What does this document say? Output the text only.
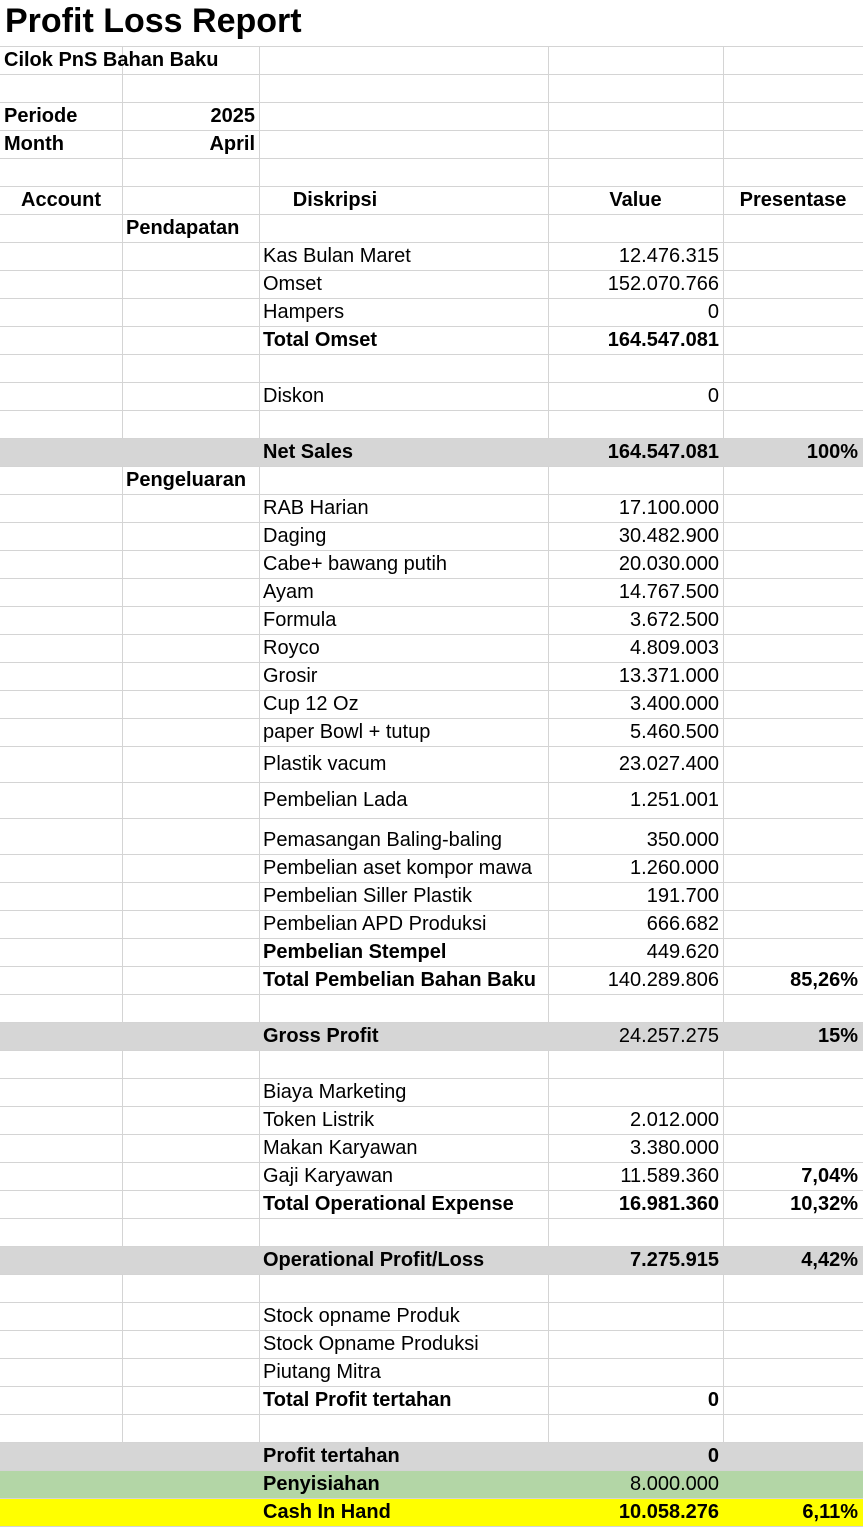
Profit Loss Report
Cilok PnS Bahan Baku
Periode	2025
Month	April
Account	Diskripsi	Value	Presentase
Pendapatan
Kas Bulan Maret	12.476.315
Omset	152.070.766
Hampers	0
Total Omset	164.547.081
Diskon	0
Net Sales	164.547.081	100%
Pengeluaran
RAB Harian	17.100.000
Daging	30.482.900
Cabe+ bawang putih	20.030.000
Ayam	14.767.500
Formula	3.672.500
Royco	4.809.003
Grosir	13.371.000
Cup 12 Oz	3.400.000
paper Bowl + tutup	5.460.500
Plastik vacum	23.027.400
Pembelian Lada	1.251.001
Pemasangan Baling-baling	350.000
Pembelian aset kompor mawa	1.260.000
Pembelian Siller Plastik	191.700
Pembelian APD Produksi	666.682
Pembelian Stempel	449.620
Total Pembelian Bahan Baku	140.289.806	85,26%
Gross Profit	24.257.275	15%
Biaya Marketing
Token Listrik	2.012.000
Makan Karyawan	3.380.000
Gaji Karyawan	11.589.360	7,04%
Total Operational Expense	16.981.360	10,32%
Operational Profit/Loss	7.275.915	4,42%
Stock opname Produk
Stock Opname Produksi
Piutang Mitra
Total Profit tertahan	0
Profit tertahan	0
Penyisiahan	8.000.000
Cash In Hand	10.058.276	6,11%
